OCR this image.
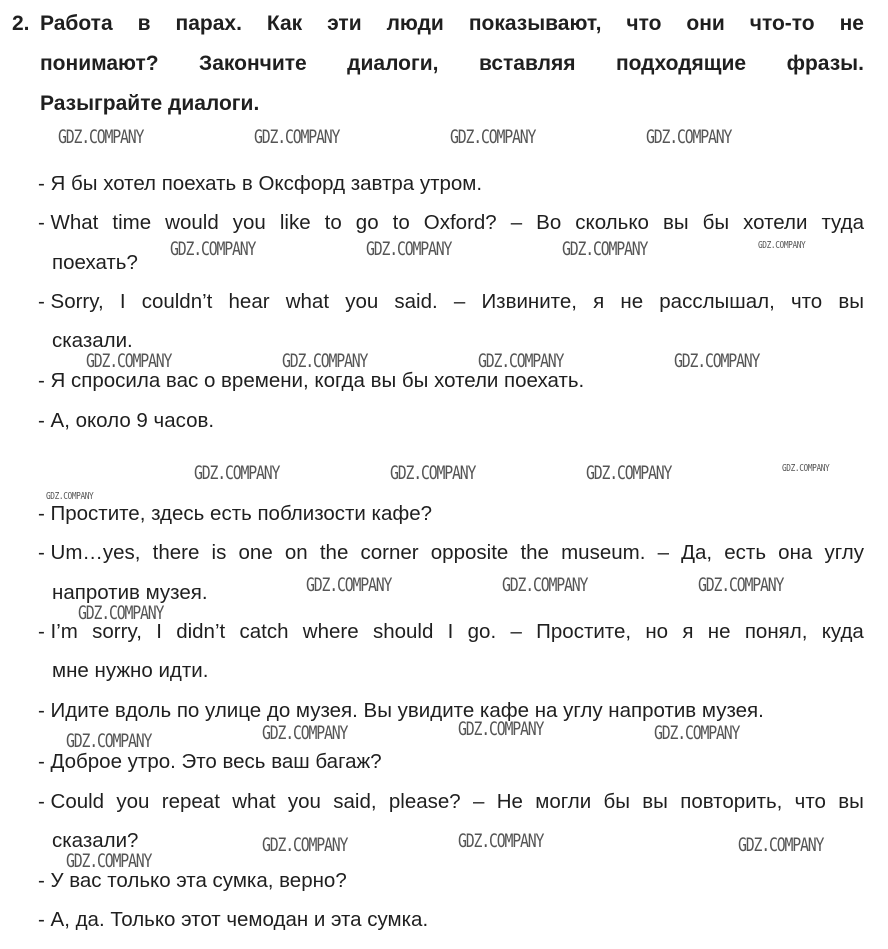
2. Работа в парах. Как эти люди показывают, что они что-то не
понимают? Закончите диалоги, вставляя подходящие фразы.
Разыграйте диалоги.
- Я бы хотел поехать в Оксфорд завтра утром.
- What time would you like to go to Oxford? – Во сколько вы бы хотели туда
поехать?
- Sorry, I couldn’t hear what you said. – Извините, я не расслышал, что вы
сказали.
- Я спросила вас о времени, когда вы бы хотели поехать.
- А, около 9 часов.
- Простите, здесь есть поблизости кафе?
- Um…yes, there is one on the corner opposite the museum. – Да, есть она углу
напротив музея.
- I’m sorry, I didn’t catch where should I go. – Простите, но я не понял, куда
мне нужно идти.
- Идите вдоль по улице до музея. Вы увидите кафе на углу напротив музея.
- Доброе утро. Это весь ваш багаж?
- Could you repeat what you said, please? – Не могли бы вы повторить, что вы
сказали?
- У вас только эта сумка, верно?
- А, да. Только этот чемодан и эта сумка.
GDZ.COMPANY	GDZ.COMPANY	GDZ.COMPANY	GDZ.COMPANY
GDZ.COMPANY	GDZ.COMPANY	GDZ.COMPANY	GDZ.COMPANY
GDZ.COMPANY	GDZ.COMPANY	GDZ.COMPANY	GDZ.COMPANY
GDZ.COMPANY	GDZ.COMPANY	GDZ.COMPANY	GDZ.COMPANY
GDZ.COMPANY
GDZ.COMPANY	GDZ.COMPANY	GDZ.COMPANY
GDZ.COMPANY
GDZ.COMPANY	GDZ.COMPANY	GDZ.COMPANY	GDZ.COMPANY
GDZ.COMPANY
GDZ.COMPANY	GDZ.COMPANY	GDZ.COMPANY
